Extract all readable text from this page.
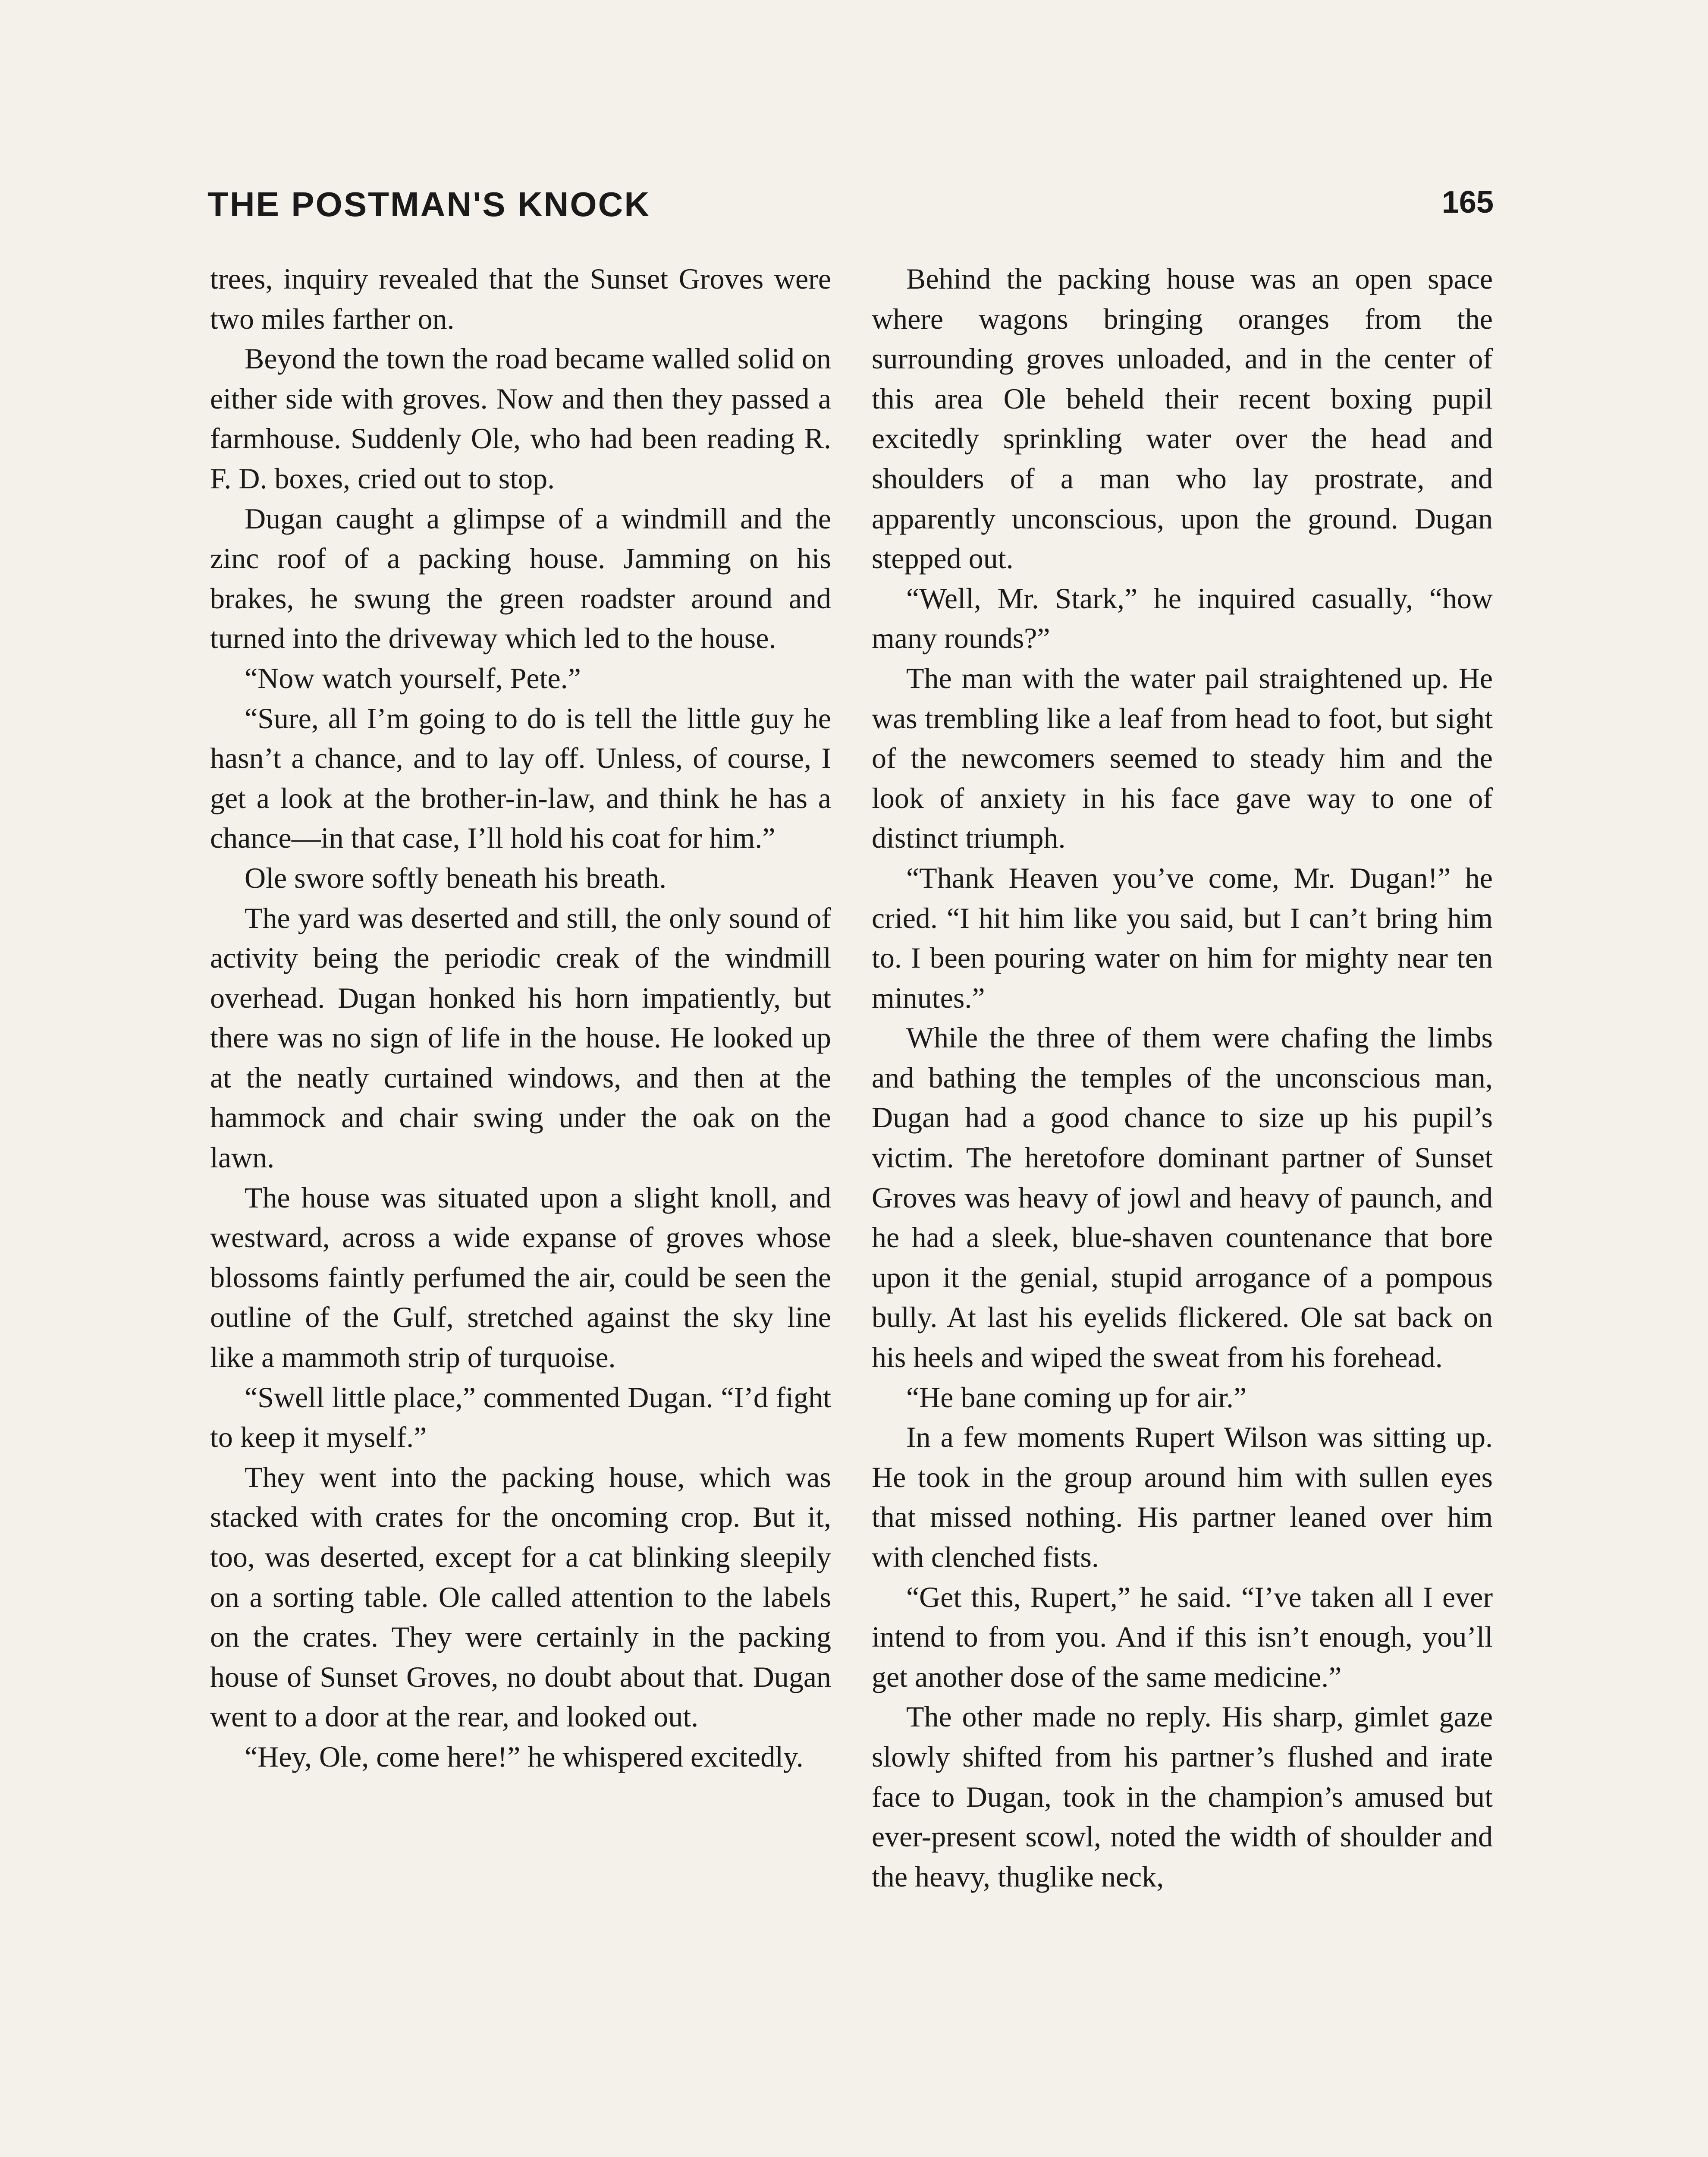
THE POSTMAN'S KNOCK	165

trees, inquiry revealed that the Sunset Groves were two miles farther on.

Beyond the town the road became walled solid on either side with groves. Now and then they passed a farmhouse. Suddenly Ole, who had been reading R. F. D. boxes, cried out to stop.

Dugan caught a glimpse of a windmill and the zinc roof of a packing house. Jamming on his brakes, he swung the green roadster around and turned into the driveway which led to the house.

“Now watch yourself, Pete.”

“Sure, all I’m going to do is tell the little guy he hasn’t a chance, and to lay off. Unless, of course, I get a look at the brother-in-law, and think he has a chance—in that case, I’ll hold his coat for him.”

Ole swore softly beneath his breath.

The yard was deserted and still, the only sound of activity being the periodic creak of the windmill overhead. Dugan honked his horn impatiently, but there was no sign of life in the house. He looked up at the neatly curtained windows, and then at the hammock and chair swing under the oak on the lawn.

The house was situated upon a slight knoll, and westward, across a wide expanse of groves whose blossoms faintly perfumed the air, could be seen the outline of the Gulf, stretched against the sky line like a mammoth strip of turquoise.

“Swell little place,” commented Dugan. “I’d fight to keep it myself.”

They went into the packing house, which was stacked with crates for the oncoming crop. But it, too, was deserted, except for a cat blinking sleepily on a sorting table. Ole called attention to the labels on the crates. They were certainly in the packing house of Sunset Groves, no doubt about that. Dugan went to a door at the rear, and looked out.

“Hey, Ole, come here!” he whispered excitedly.

Behind the packing house was an open space where wagons bringing oranges from the surrounding groves unloaded, and in the center of this area Ole beheld their recent boxing pupil excitedly sprinkling water over the head and shoulders of a man who lay prostrate, and apparently unconscious, upon the ground. Dugan stepped out.

“Well, Mr. Stark,” he inquired casually, “how many rounds?”

The man with the water pail straightened up. He was trembling like a leaf from head to foot, but sight of the newcomers seemed to steady him and the look of anxiety in his face gave way to one of distinct triumph.

“Thank Heaven you’ve come, Mr. Dugan!” he cried. “I hit him like you said, but I can’t bring him to. I been pouring water on him for mighty near ten minutes.”

While the three of them were chafing the limbs and bathing the temples of the unconscious man, Dugan had a good chance to size up his pupil’s victim. The heretofore dominant partner of Sunset Groves was heavy of jowl and heavy of paunch, and he had a sleek, blue-shaven countenance that bore upon it the genial, stupid arrogance of a pompous bully. At last his eyelids flickered. Ole sat back on his heels and wiped the sweat from his forehead.

“He bane coming up for air.”

In a few moments Rupert Wilson was sitting up. He took in the group around him with sullen eyes that missed nothing. His partner leaned over him with clenched fists.

“Get this, Rupert,” he said. “I’ve taken all I ever intend to from you. And if this isn’t enough, you’ll get another dose of the same medicine.”

The other made no reply. His sharp, gimlet gaze slowly shifted from his partner’s flushed and irate face to Dugan, took in the champion’s amused but ever-present scowl, noted the width of shoulder and the heavy, thuglike neck,
